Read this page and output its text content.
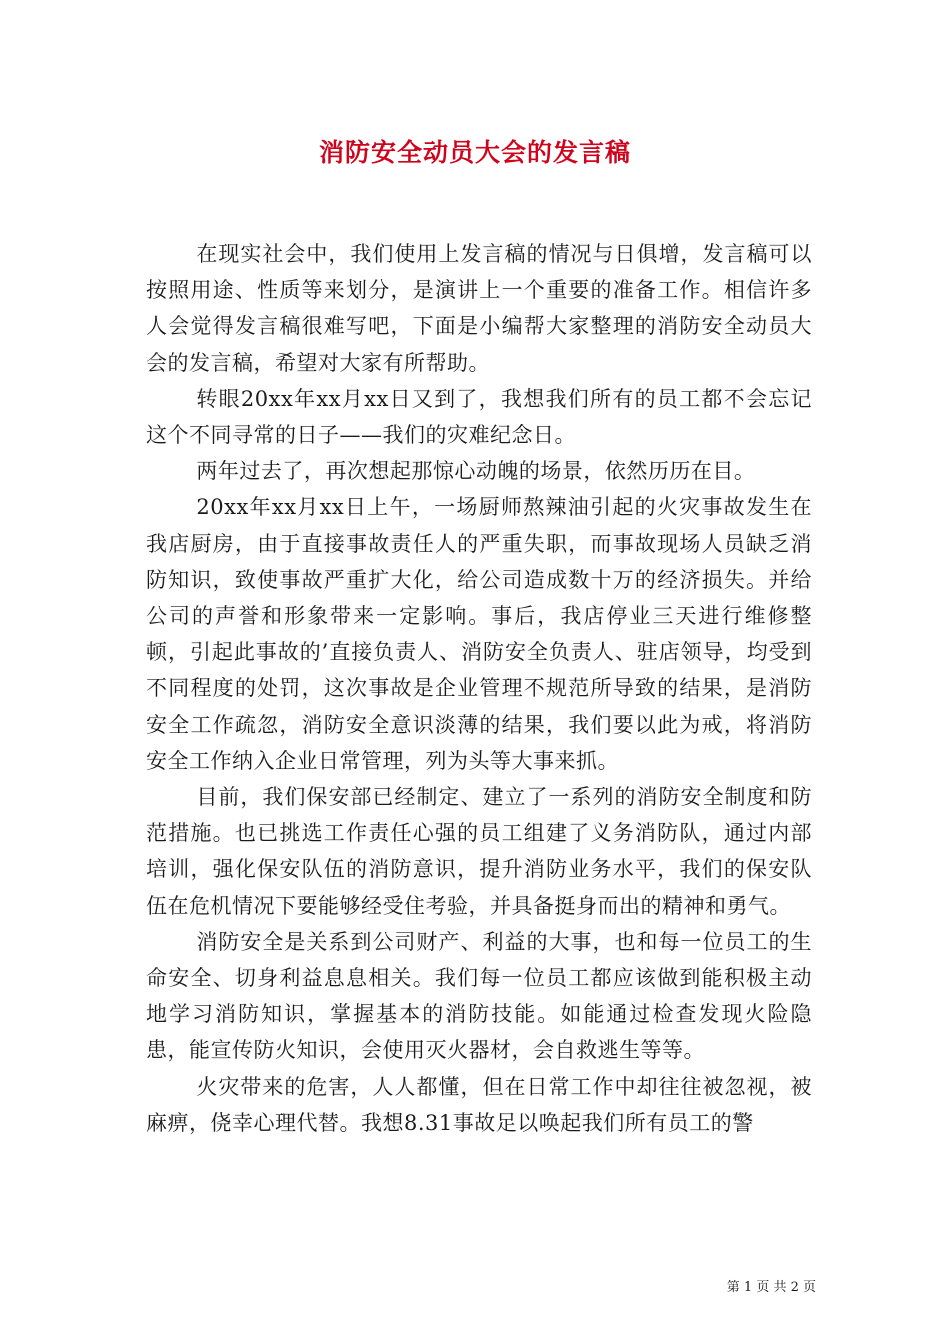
消防安全动员大会的发言稿

在现实社会中，我们使用上发言稿的情况与日俱增，发言稿可以按照用途、性质等来划分，是演讲上一个重要的准备工作。相信许多人会觉得发言稿很难写吧，下面是小编帮大家整理的消防安全动员大会的发言稿，希望对大家有所帮助。

转眼20xx年xx月xx日又到了，我想我们所有的员工都不会忘记这个不同寻常的日子——我们的灾难纪念日。

两年过去了，再次想起那惊心动魄的场景，依然历历在目。

20xx年xx月xx日上午，一场厨师熬辣油引起的火灾事故发生在我店厨房，由于直接事故责任人的严重失职，而事故现场人员缺乏消防知识，致使事故严重扩大化，给公司造成数十万的经济损失。并给公司的声誉和形象带来一定影响。事后，我店停业三天进行维修整顿，引起此事故的’直接负责人、消防安全负责人、驻店领导，均受到不同程度的处罚，这次事故是企业管理不规范所导致的结果，是消防安全工作疏忽，消防安全意识淡薄的结果，我们要以此为戒，将消防安全工作纳入企业日常管理，列为头等大事来抓。

目前，我们保安部已经制定、建立了一系列的消防安全制度和防范措施。也已挑选工作责任心强的员工组建了义务消防队，通过内部培训，强化保安队伍的消防意识，提升消防业务水平，我们的保安队伍在危机情况下要能够经受住考验，并具备挺身而出的精神和勇气。

消防安全是关系到公司财产、利益的大事，也和每一位员工的生命安全、切身利益息息相关。我们每一位员工都应该做到能积极主动地学习消防知识，掌握基本的消防技能。如能通过检查发现火险隐患，能宣传防火知识，会使用灭火器材，会自救逃生等等。

火灾带来的危害，人人都懂，但在日常工作中却往往被忽视，被麻痹，侥幸心理代替。我想8.31事故足以唤起我们所有员工的警

第 1 页 共 2 页
